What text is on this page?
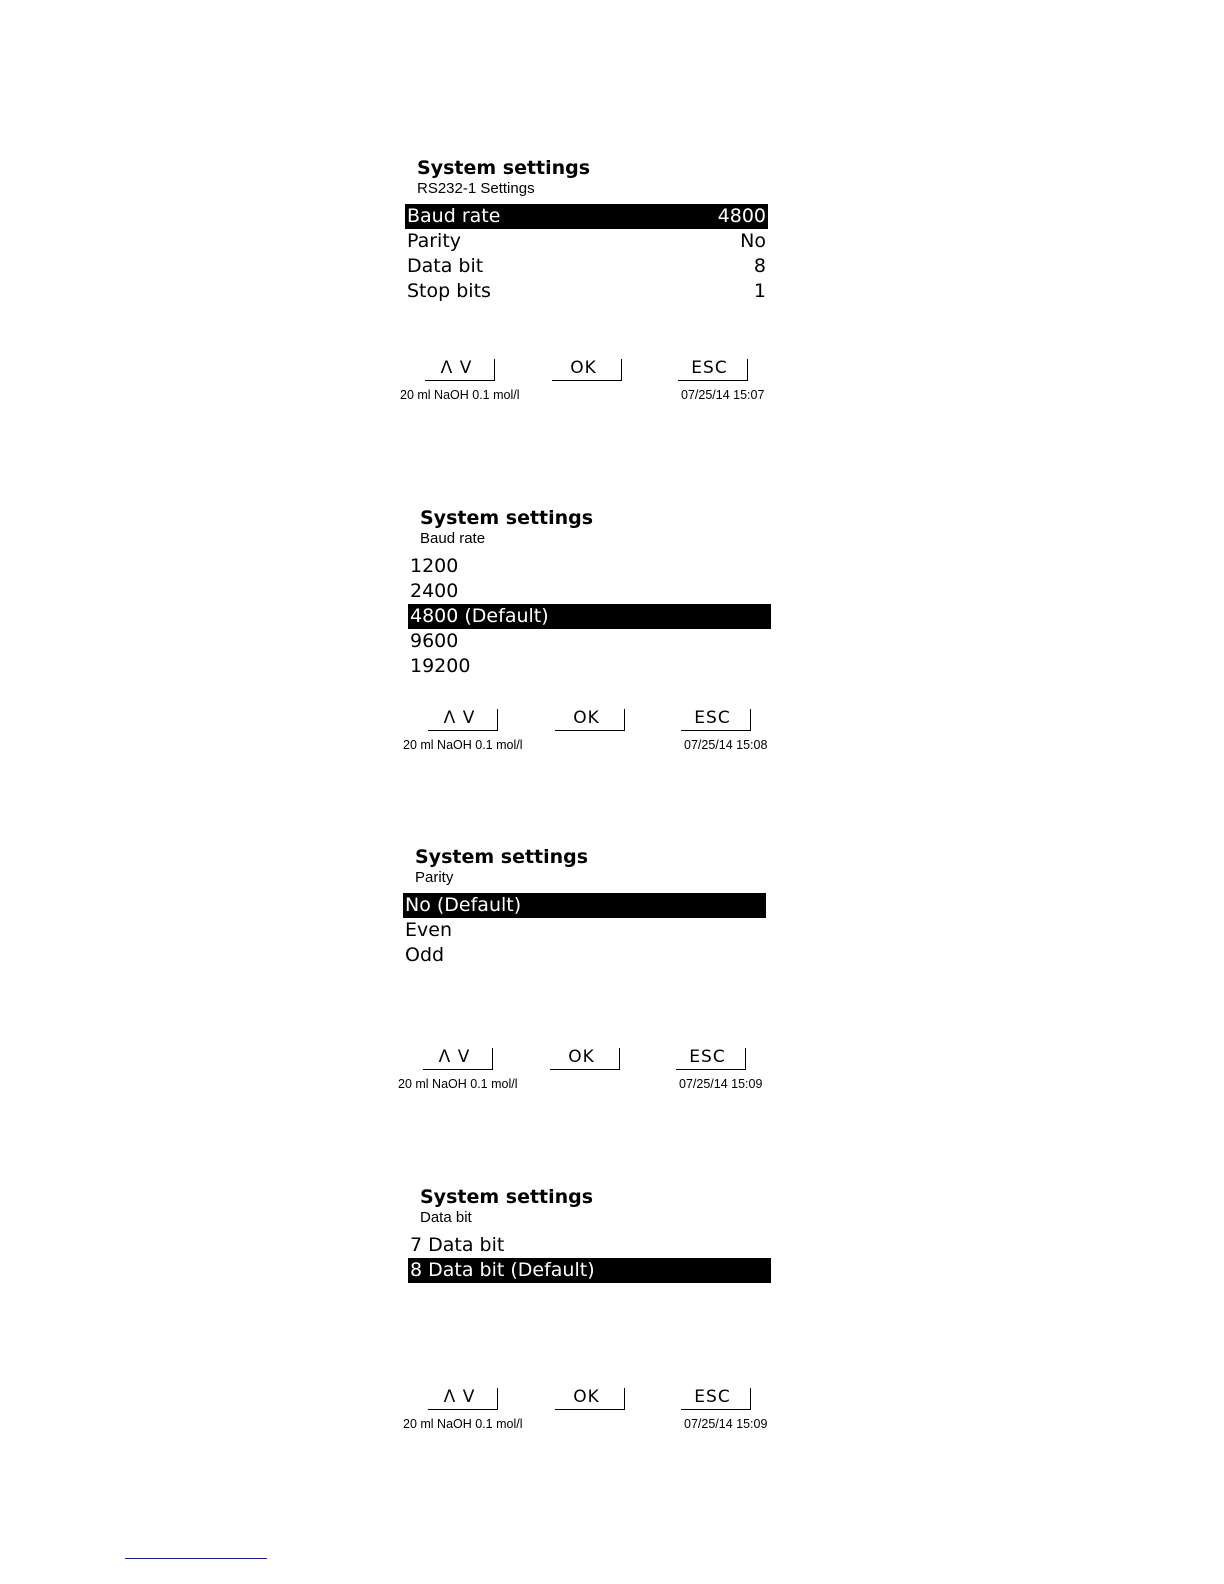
System settings
RS232-1 Settings
Baud rate	4800
Parity	No
Data bit	8
Stop bits	1
Λ V	OK	ESC
20 ml NaOH 0.1 mol/l	07/25/14 15:07
System settings
Baud rate
1200
2400
4800 (Default)
9600
19200
Λ V	OK	ESC
20 ml NaOH 0.1 mol/l	07/25/14 15:08
System settings
Parity
No (Default)
Even
Odd
Λ V	OK	ESC
20 ml NaOH 0.1 mol/l	07/25/14 15:09
System settings
Data bit
7 Data bit
8 Data bit (Default)
Λ V	OK	ESC
20 ml NaOH 0.1 mol/l	07/25/14 15:09
